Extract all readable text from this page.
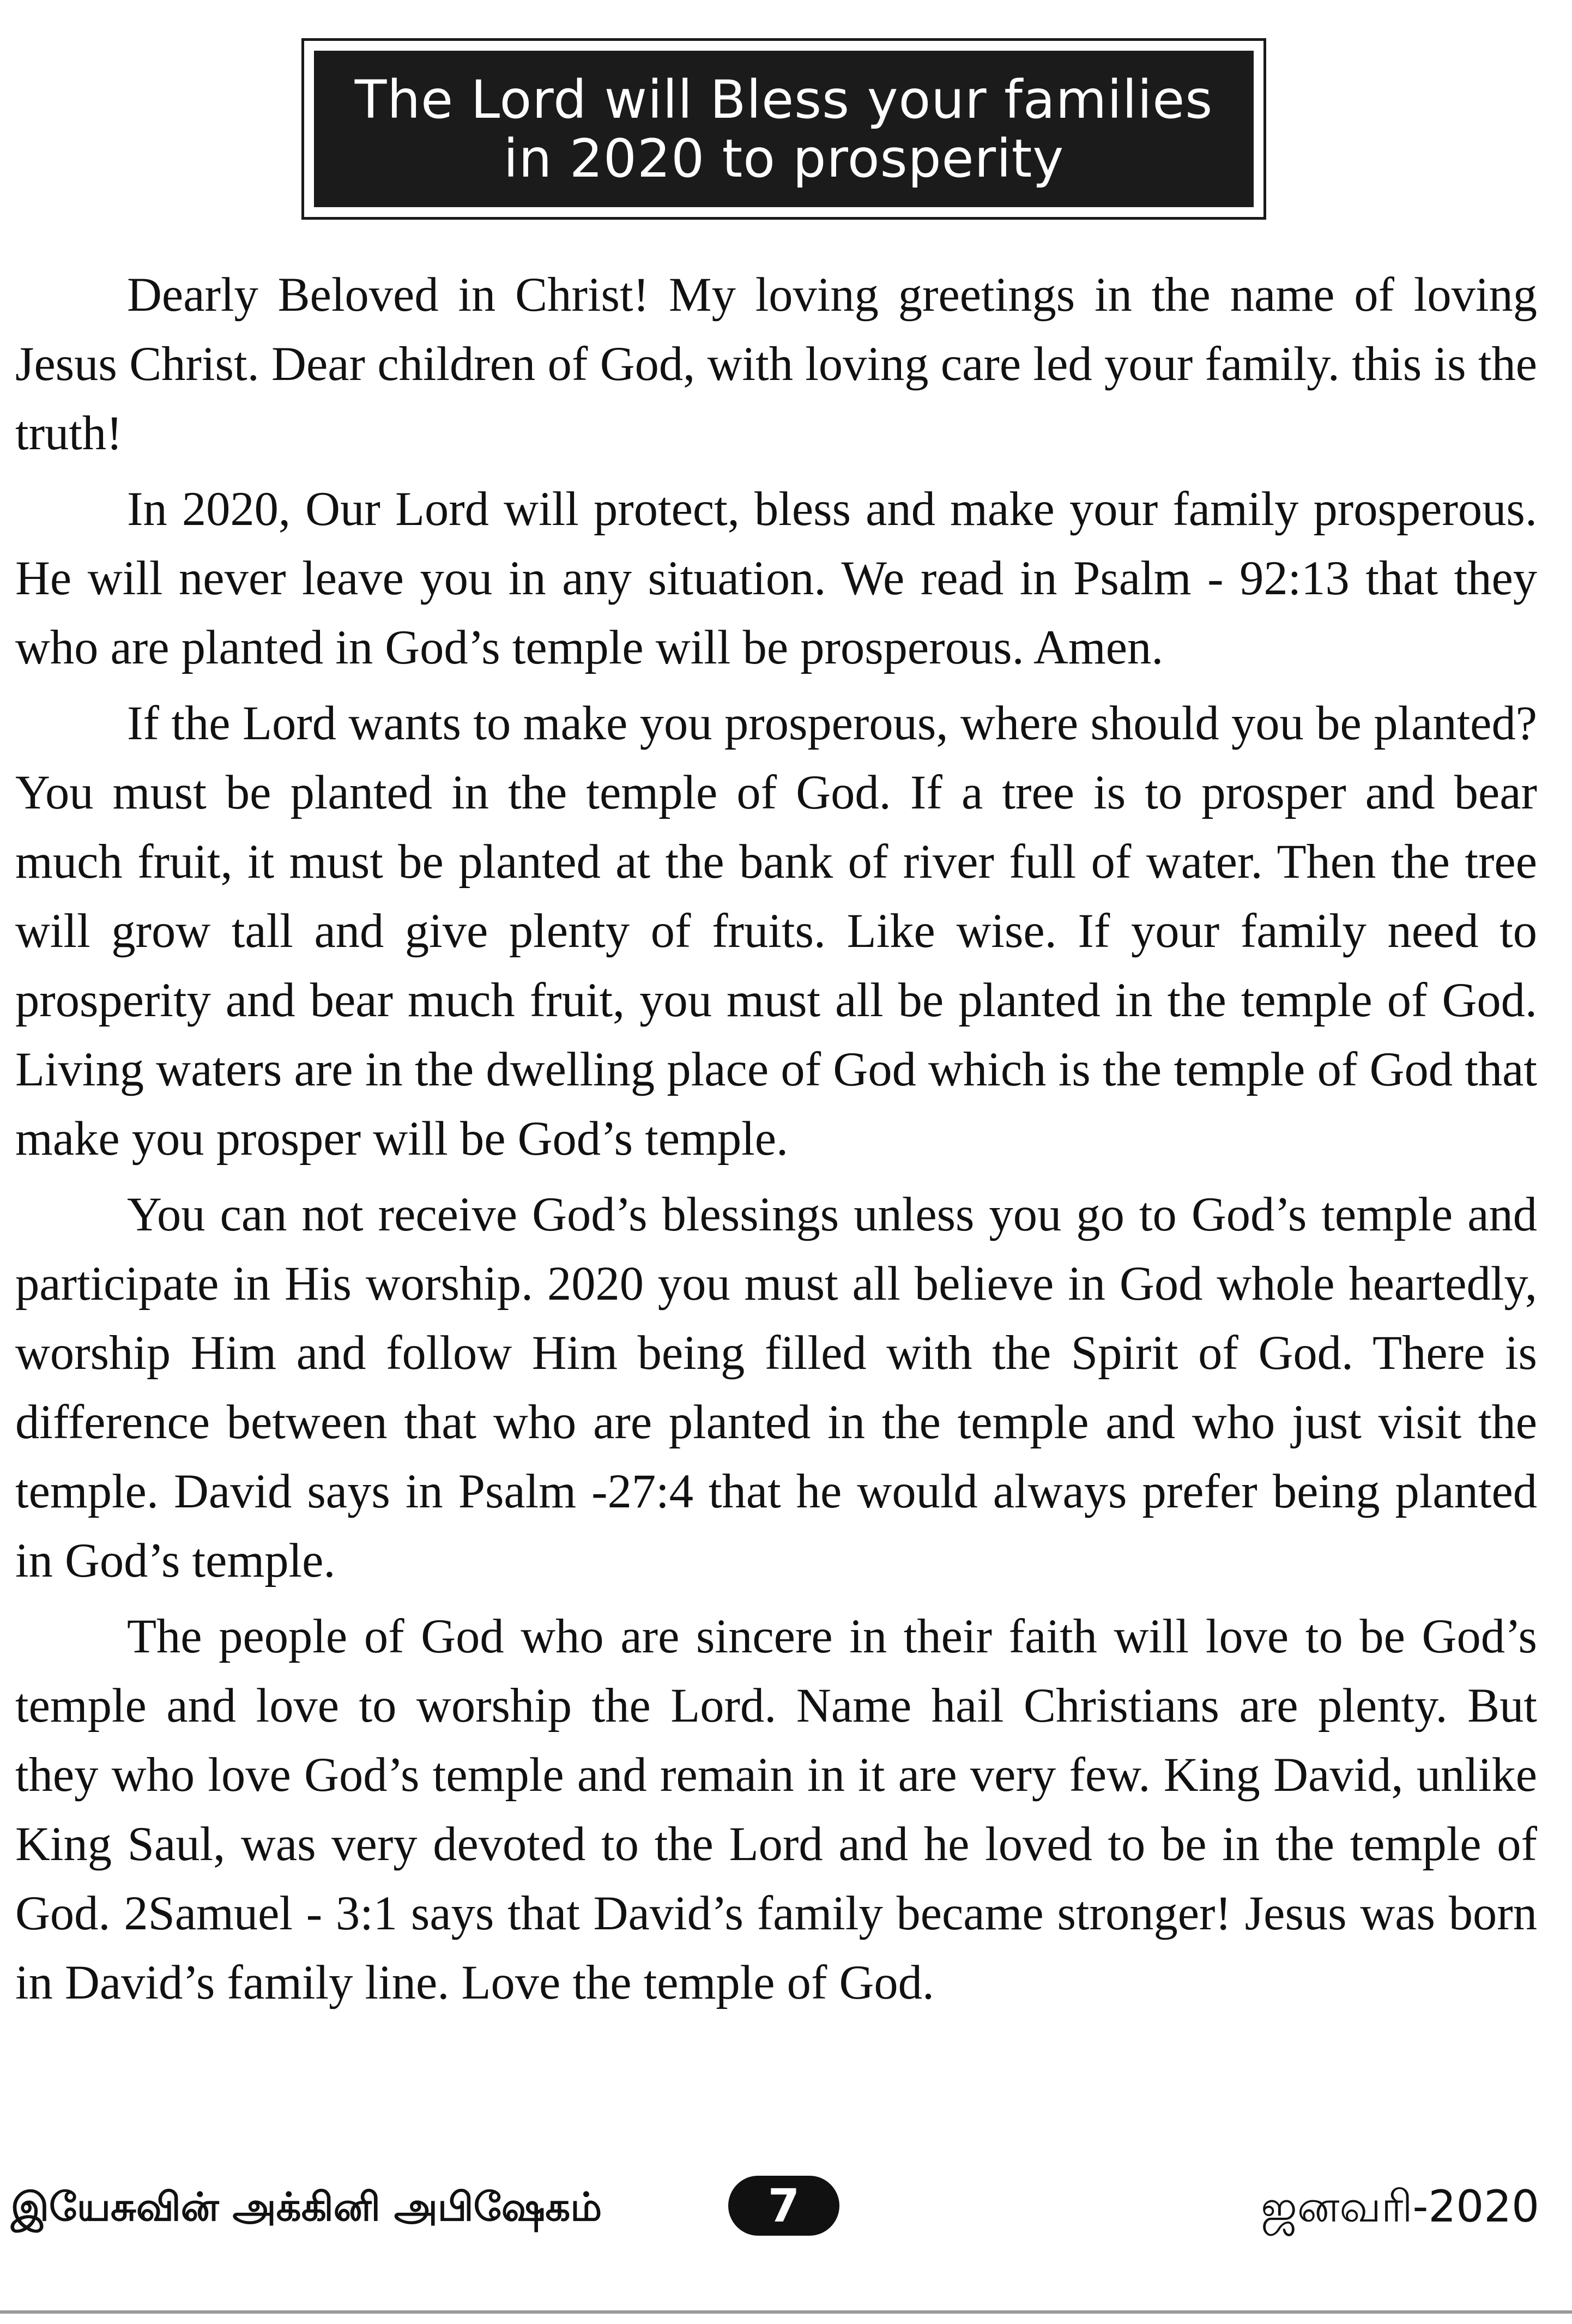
The Lord will Bless your families
in 2020 to prosperity

Dearly Beloved in Christ! My loving greetings in the name of loving Jesus Christ. Dear children of God, with loving care led your family. this is the truth!

In 2020, Our Lord will protect, bless and make your family prosperous. He will never leave you in any situation. We read in Psalm - 92:13 that they who are planted in God’s temple will be prosperous. Amen.

If the Lord wants to make you prosperous, where should you be planted? You must be planted in the temple of God. If a tree is to prosper and bear much fruit, it must be planted at the bank of river full of water. Then the tree will grow tall and give plenty of fruits. Like wise. If your family need to prosperity and bear much fruit, you must all be planted in the temple of God. Living waters are in the dwelling place of God which is the temple of God that make you prosper will be God’s temple.

You can not receive God’s blessings unless you go to God’s temple and participate in His worship. 2020 you must all believe in God whole heartedly, worship Him and follow Him being filled with the Spirit of God. There is difference between that who are planted in the temple and who just visit the temple. David says in Psalm -27:4 that he would always prefer being planted in God’s temple.

The people of God who are sincere in their faith will love to be God’s temple and love to worship the Lord. Name hail Christians are plenty. But they who love God’s temple and remain in it are very few. King David, unlike King Saul, was very devoted to the Lord and he loved to be in the temple of God. 2Samuel - 3:1 says that David’s family became stronger! Jesus was born in David’s family line. Love the temple of God.

இயேசுவின் அக்கினி அபிஷேகம்	7	ஜனவரி-2020
